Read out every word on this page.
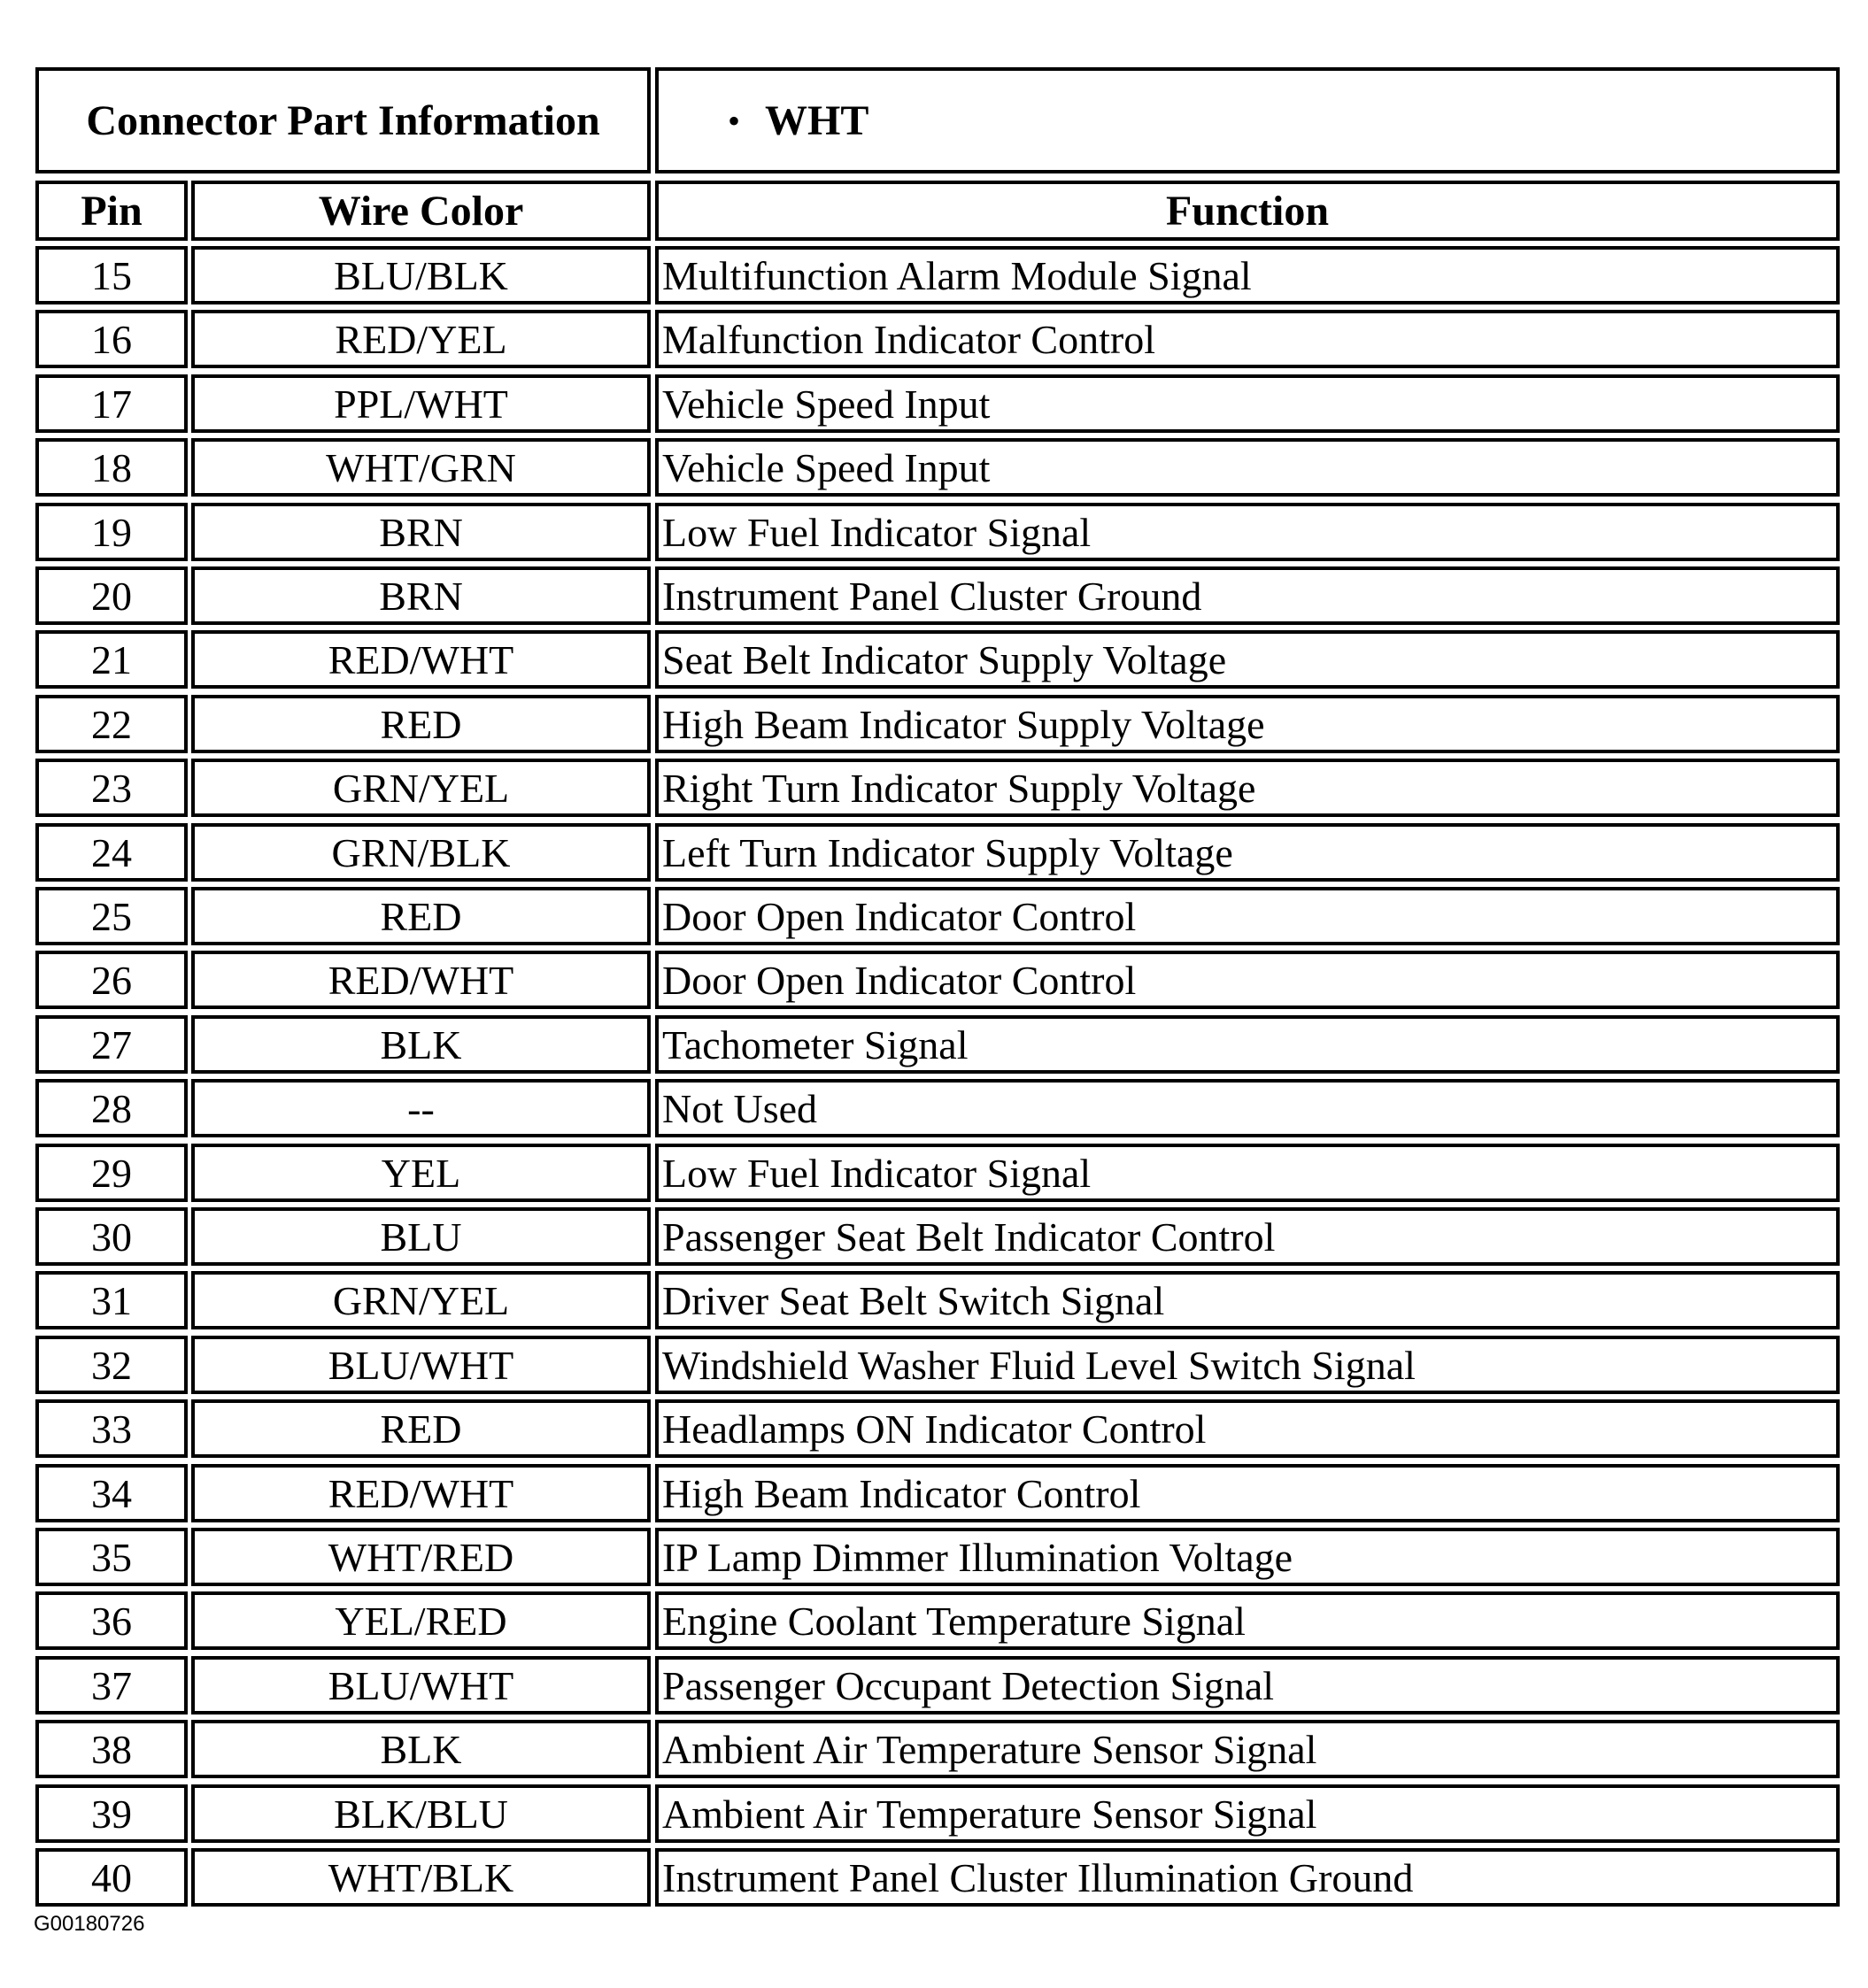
Connector Part Information	• WHT
Pin	Wire Color	Function
15	BLU/BLK	Multifunction Alarm Module Signal
16	RED/YEL	Malfunction Indicator Control
17	PPL/WHT	Vehicle Speed Input
18	WHT/GRN	Vehicle Speed Input
19	BRN	Low Fuel Indicator Signal
20	BRN	Instrument Panel Cluster Ground
21	RED/WHT	Seat Belt Indicator Supply Voltage
22	RED	High Beam Indicator Supply Voltage
23	GRN/YEL	Right Turn Indicator Supply Voltage
24	GRN/BLK	Left Turn Indicator Supply Voltage
25	RED	Door Open Indicator Control
26	RED/WHT	Door Open Indicator Control
27	BLK	Tachometer Signal
28	--	Not Used
29	YEL	Low Fuel Indicator Signal
30	BLU	Passenger Seat Belt Indicator Control
31	GRN/YEL	Driver Seat Belt Switch Signal
32	BLU/WHT	Windshield Washer Fluid Level Switch Signal
33	RED	Headlamps ON Indicator Control
34	RED/WHT	High Beam Indicator Control
35	WHT/RED	IP Lamp Dimmer Illumination Voltage
36	YEL/RED	Engine Coolant Temperature Signal
37	BLU/WHT	Passenger Occupant Detection Signal
38	BLK	Ambient Air Temperature Sensor Signal
39	BLK/BLU	Ambient Air Temperature Sensor Signal
40	WHT/BLK	Instrument Panel Cluster Illumination Ground
G00180726
